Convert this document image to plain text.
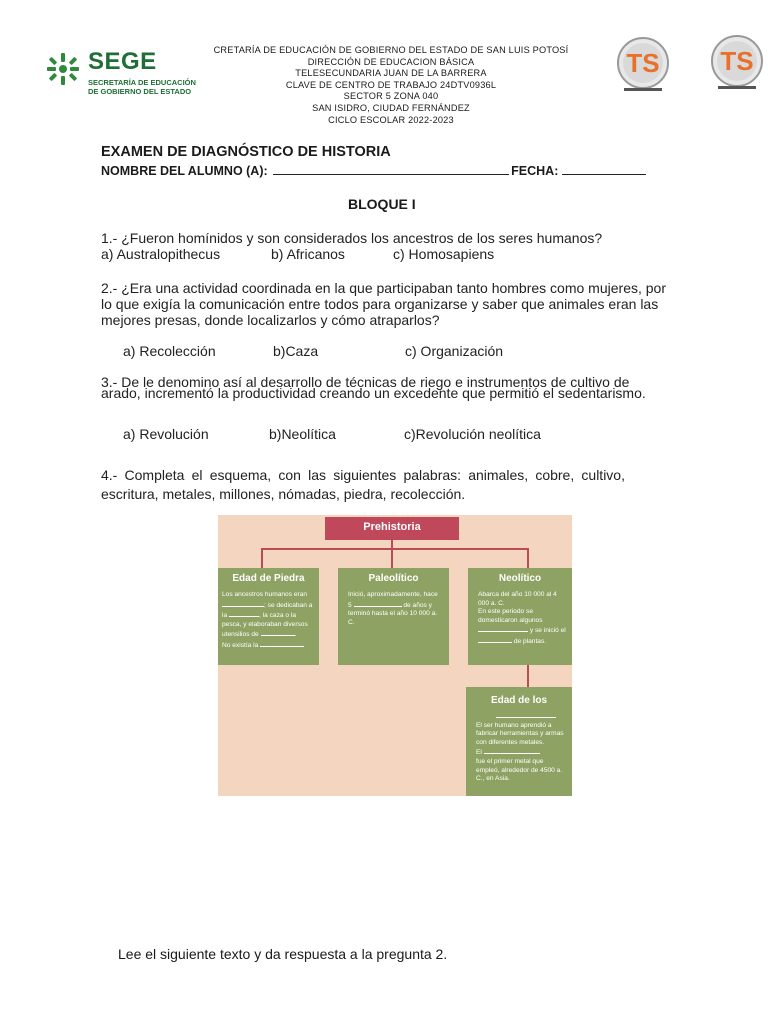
SEGE
SECRETARÍA DE EDUCACIÓN
DE GOBIERNO DEL ESTADO
CRETARÍA DE EDUCACIÓN DE GOBIERNO DEL ESTADO DE SAN LUIS POTOSÍ
DIRECCIÓN DE EDUCACION BÁSICA
TELESECUNDARIA JUAN DE LA BARRERA
CLAVE DE CENTRO DE TRABAJO 24DTV0936L
SECTOR 5 ZONA 040
SAN ISIDRO, CIUDAD FERNÁNDEZ
CICLO ESCOLAR 2022-2023
TS TS
EXAMEN DE DIAGNÓSTICO DE HISTORIA
NOMBRE DEL ALUMNO (A):	FECHA:
BLOQUE I
1.- ¿Fueron homínidos y son considerados los ancestros de los seres humanos?
a) Australopithecus	b) Africanos	c) Homosapiens
2.- ¿Era una actividad coordinada en la que participaban tanto hombres como mujeres, por lo que exigía la comunicación entre todos para organizarse y saber que animales eran las mejores presas, donde localizarlos y cómo atraparlos?
a) Recolección	b)Caza	c) Organización
3.- De le denomino así al desarrollo de técnicas de riego e instrumentos de cultivo de arado, incrementó la productividad creando un excedente que permitió el sedentarismo.
a) Revolución	b)Neolítica	c)Revolución neolítica
4.- Completa el esquema, con las siguientes palabras: animales, cobre, cultivo, escritura, metales, millones, nómadas, piedra, recolección.
Prehistoria
Edad de Piedra
Los ancestros humanos eran ; se dedicaban a la	, la caza o la pesca, y elaboraban diversos utensilios de	.
No existía la
Paleolítico
Inició, aproximadamente, hace
5	de años y terminó hasta el año 10 000 a. C.
Neolítico
Abarca del año 10 000 al 4 000 a. C.
En este periodo se domesticaron algunos  y se inició el  de plantas.
Edad de los

El ser humano aprendió a fabricar herramientas y armas con diferentes metales.
El
fue el primer metal que empleó, alrededor de 4500 a. C., en Asia.
Lee el siguiente texto y da respuesta a la pregunta 2.
